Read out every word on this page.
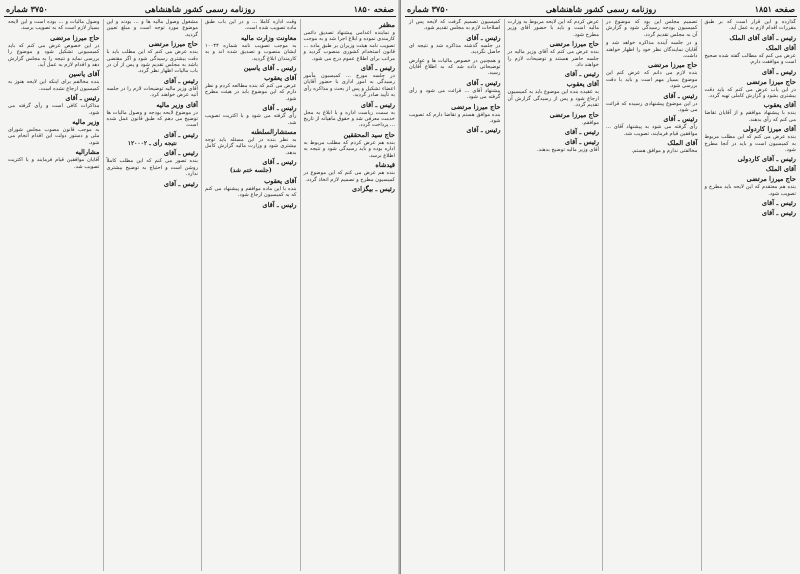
صفحه ۱۸۵۰
روزنامه رسمی کشور شاهنشاهی
۳۷۵۰ شماره

مظفر

و نماینده اعدامی پیشنهاد تصدیق دائمی کارمندی نموده و ابلاغ اجرا شد و به موجب تصویب نامه هیئت وزیران بر طبق ماده ... قانون استخدام کشوری منصوب گردید و مراتب برای اطلاع عموم درج می شود.

رئیس ـ آقای

در جلسه مورخ ... کمیسیون مأمور رسیدگی به امور اداری با حضور آقایان اعضاء تشکیل و پس از بحث و مذاکره رأی به تأیید صادر گردید.

رئیس ـ آقای

به سمت ریاست اداره و با ابلاغ به محل خدمت معرفی شد و حقوق ماهیانه از تاریخ ... پرداخت گردد.

حاج سید المحققین

بنده هم عرض کردم که مطلب مربوط به اداره بوده و باید رسیدگی شود و نتیجه به اطلاع برسد.

قیدشاه

بنده هم عرض می کنم که این موضوع در کمیسیون مطرح و تصمیم لازم اتخاذ گردد.

رئیس ـ بیگزادی

وقت اداره کاملاً ... و در این باب طبق ماده تصویب شده است.

معاونت وزارت مالیه

به موجب تصویب نامه شماره ۱۰۰۴۴ ایشان منصوب و تصدیق شده اند و به کارمندان ابلاغ گردید.

رئیس ـ آقای یاسین

آقای یعقوب

عرض می کنم که بنده مطالعه کردم و نظر دارم که این موضوع باید در هیئت مطرح شود.

رئیس ـ آقای

رأی گرفته می شود و با اکثریت تصویب شد.

مستشارالسلطنه

به نظر بنده در این مسئله باید توجه بیشتری شود و وزارت مالیه گزارش کامل بدهد.

رئیس ـ آقای

(جلسه ختم شد)

آقای یعقوب

بنده با این ماده موافقم و پیشنهاد می کنم که به کمیسیون ارجاع شود.

رئیس ـ آقای

مشغول وصول مالیه ها و ... بودند و این موضوع مورد توجه است و مبلغ تعیین گردید.

حاج میرزا مرتضی

بنده عرض می کنم که این مطلب باید با دقت بیشتری رسیدگی شود و اگر مقتضی باشد به مجلس تقدیم شود و پس از آن در باب مالیات اظهار نظر گردد.

رئیس ـ آقای

آقای وزیر مالیه توضیحات لازم را در جلسه آتیه عرض خواهند کرد.

آقای وزیر مالیه

در موضوع لایحه بودجه و وصول مالیات ها توضیح می دهم که طبق قانون عمل شده است.

رئیس ـ آقای

نتیجه رأی ـ ۱۲۰۰۰۲

رئیس ـ آقای

بنده تصور می کنم که این مطلب کاملاً روشن است و احتیاج به توضیح بیشتری ندارد.

رئیس ـ آقای

وصول مالیات و ... بوده است و این لایحه بسیار لازم است که به تصویب برسد.

حاج میرزا مرتضی

در این خصوص عرض می کنم که باید کمیسیونی تشکیل شود و موضوع را بررسی نماید و نتیجه را به مجلس گزارش دهد و اقدام لازم به عمل آید.

آقای یاسین

بنده مخالفم برای اینکه این لایحه هنوز به کمیسیون ارجاع نشده است.

رئیس ـ آقای

مذاکرات کافی است و رأی گرفته می شود.

وزیر مالیه

به موجب قانون مصوب مجلس شورای ملی و دستور دولت این اقدام انجام می شود.

مشارالیه

آقایان موافقین قیام فرمایند و با اکثریت تصویب شد.

صفحه ۱۸۵۱
روزنامه رسمی کشور شاهنشاهی
۳۷۵۰ شماره

گذارده و این قرار است که بر طبق مقررات اقدام لازم به عمل آید.

رئیس ـ آقای آقای الملک

آقای الملک

عرض می کنم که مطالب گفته شده صحیح است و موافقت دارم.

رئیس ـ آقای

حاج میرزا مرتضی

در این باب عرض می کنم که باید دقت بیشتری بشود و گزارش کاملی تهیه گردد.

آقای یعقوب

بنده با پیشنهاد موافقم و از آقایان تقاضا می کنم که رأی بدهند.

آقای میرزا کاردولی

بنده عرض می کنم که این مطلب مربوط به کمیسیون است و باید در آنجا مطرح شود.

رئیس ـ آقای کاردولی

آقای الملک

حاج میرزا مرتضی

بنده هم معتقدم که این لایحه باید مطرح و تصویب شود.

رئیس ـ آقای

رئیس ـ آقای

تصمیم مجلس این بود که موضوع در کمیسیون بودجه رسیدگی شود و گزارش آن به مجلس تقدیم گردد.

و در جلسه آینده مذاکره خواهد شد و آقایان نمایندگان نظر خود را اظهار خواهند داشت.

حاج میرزا مرتضی

بنده لازم می دانم که عرض کنم این موضوع بسیار مهم است و باید با دقت بررسی شود.

رئیس ـ آقای

در این موضوع پیشنهادی رسیده که قرائت می شود.

رئیس ـ آقای

رأی گرفته می شود به پیشنهاد آقای ... موافقین قیام فرمایند، تصویب شد.

آقای الملک

مخالفتی ندارم و موافق هستم.

عرض کردم که این لایحه مربوط به وزارت مالیه است و باید با حضور آقای وزیر مطرح شود.

حاج میرزا مرتضی

بنده عرض می کنم که آقای وزیر مالیه در جلسه حاضر هستند و توضیحات لازم را خواهند داد.

رئیس ـ آقای

آقای یعقوب

به عقیده بنده این موضوع باید به کمیسیون ارجاع شود و پس از رسیدگی گزارش آن تقدیم گردد.

حاج میرزا مرتضی

موافقم.

رئیس ـ آقای

رئیس ـ آقای

آقای وزیر مالیه توضیح بدهند.

کمیسیون تصمیم گرفت که لایحه پس از اصلاحات لازم به مجلس تقدیم شود.

رئیس ـ آقای

در جلسه گذشته مذاکره شد و نتیجه ای حاصل نگردید.

و همچنین در خصوص مالیات ها و عوارض توضیحاتی داده شد که به اطلاع آقایان رسید.

رئیس ـ آقای

پیشنهاد آقای ... قرائت می شود و رأی گرفته می شود.

حاج میرزا مرتضی

بنده موافق هستم و تقاضا دارم که تصویب شود.

رئیس ـ آقای
